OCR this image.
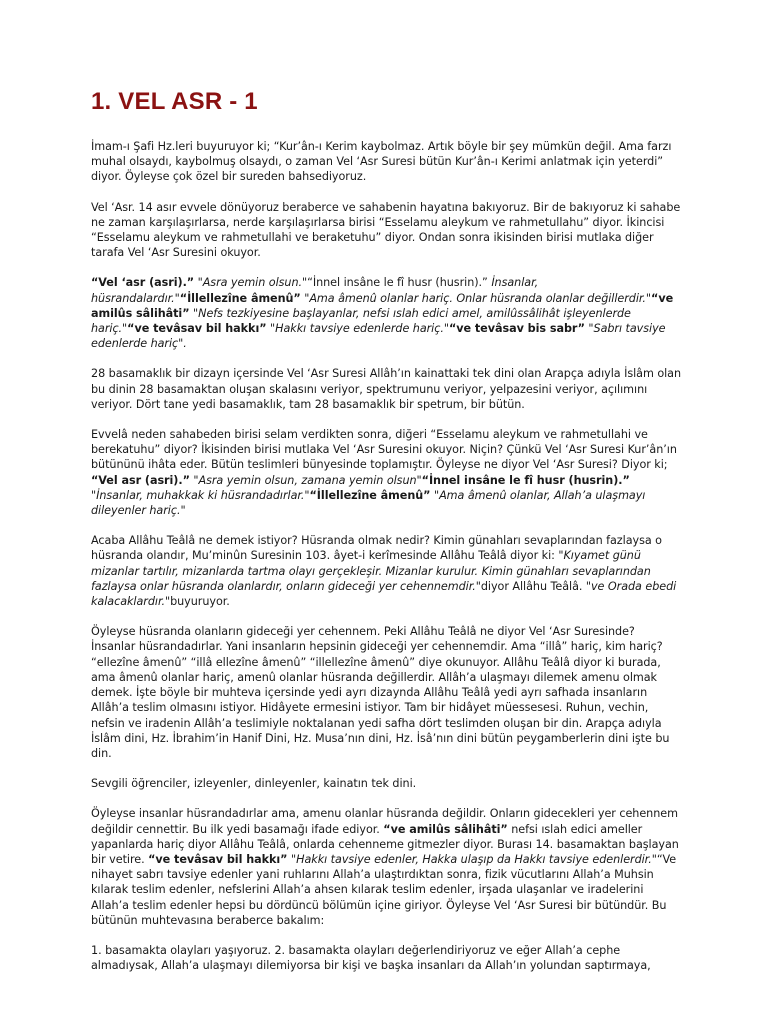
1. VEL ASR - 1

İmam-ı Şafi Hz.leri buyuruyor ki; “Kur’ân-ı Kerim kaybolmaz. Artık böyle bir şey mümkün değil. Ama farzı muhal olsaydı, kaybolmuş olsaydı, o zaman Vel ‘Asr Suresi bütün Kur’ân-ı Kerimi anlatmak için yeterdi” diyor. Öyleyse çok özel bir sureden bahsediyoruz.

Vel ‘Asr. 14 asır evvele dönüyoruz beraberce ve sahabenin hayatına bakıyoruz. Bir de bakıyoruz ki sahabe ne zaman karşılaşırlarsa, nerde karşılaşırlarsa birisi “Esselamu aleykum ve rahmetullahu” diyor. İkincisi “Esselamu aleykum ve rahmetullahi ve beraketuhu” diyor. Ondan sonra ikisinden birisi mutlaka diğer tarafa Vel ‘Asr Suresini okuyor.

“Vel ‘asr (asri).” "Asra yemin olsun."“İnnel insâne le fî husr (husrin).” İnsanlar, hüsrandalardır."“İllellezîne âmenû” "Ama âmenû olanlar hariç. Onlar hüsranda olanlar değillerdir."“ve amilûs sâlihâti” "Nefs tezkiyesine başlayanlar, nefsi ıslah edici amel, amilûssâlihât işleyenlerde hariç."“ve tevâsav bil hakkı” "Hakkı tavsiye edenlerde hariç."“ve tevâsav bis sabr” "Sabrı tavsiye edenlerde hariç".

28 basamaklık bir dizayn içersinde Vel ‘Asr Suresi Allâh’ın kainattaki tek dini olan Arapça adıyla İslâm olan bu dinin 28 basamaktan oluşan skalasını veriyor, spektrumunu veriyor, yelpazesini veriyor, açılımını veriyor. Dört tane yedi basamaklık, tam 28 basamaklık bir spetrum, bir bütün.

Evvelâ neden sahabeden birisi selam verdikten sonra, diğeri “Esselamu aleykum ve rahmetullahi ve berekatuhu” diyor? İkisinden birisi mutlaka Vel ‘Asr Suresini okuyor. Niçin? Çünkü Vel ‘Asr Suresi Kur’ân’ın bütününü ihâta eder. Bütün teslimleri bünyesinde toplamıştır. Öyleyse ne diyor Vel ‘Asr Suresi? Diyor ki; “Vel asr (asri).” "Asra yemin olsun, zamana yemin olsun"“İnnel insâne le fî husr (husrin).” "İnsanlar, muhakkak ki hüsrandadırlar."“İllellezîne âmenû” "Ama âmenû olanlar, Allah’a ulaşmayı dileyenler hariç."

Acaba Allâhu Teâlâ ne demek istiyor? Hüsranda olmak nedir? Kimin günahları sevaplarından fazlaysa o hüsranda olandır, Mu’minûn Suresinin 103. âyet-i kerîmesinde Allâhu Teâlâ diyor ki: "Kıyamet günü mizanlar tartılır, mizanlarda tartma olayı gerçekleşir. Mizanlar kurulur. Kimin günahları sevaplarından fazlaysa onlar hüsranda olanlardır, onların gideceği yer cehennemdir."diyor Allâhu Teâlâ. "ve Orada ebedi kalacaklardır."buyuruyor.

Öyleyse hüsranda olanların gideceği yer cehennem. Peki Allâhu Teâlâ ne diyor Vel ‘Asr Suresinde? İnsanlar hüsrandadırlar. Yani insanların hepsinin gideceği yer cehennemdir. Ama “illâ” hariç, kim hariç? “ellezîne âmenû” “illâ ellezîne âmenû” “illellezîne âmenû” diye okunuyor. Allâhu Teâlâ diyor ki burada, ama âmenû olanlar hariç, amenû olanlar hüsranda değillerdir. Allâh’a ulaşmayı dilemek amenu olmak demek. İşte böyle bir muhteva içersinde yedi ayrı dizaynda Allâhu Teâlâ yedi ayrı safhada insanların Allâh’a teslim olmasını istiyor. Hidâyete ermesini istiyor. Tam bir hidâyet müessesesi. Ruhun, vechin, nefsin ve iradenin Allâh’a teslimiyle noktalanan yedi safha dört teslimden oluşan bir din. Arapça adıyla İslâm dini, Hz. İbrahim’in Hanif Dini, Hz. Musa’nın dini, Hz. İsâ’nın dini bütün peygamberlerin dini işte bu din.

Sevgili öğrenciler, izleyenler, dinleyenler, kainatın tek dini.

Öyleyse insanlar hüsrandadırlar ama, amenu olanlar hüsranda değildir. Onların gidecekleri yer cehennem değildir cennettir. Bu ilk yedi basamağı ifade ediyor. “ve amilûs sâlihâti” nefsi ıslah edici ameller yapanlarda hariç diyor Allâhu Teâlâ, onlarda cehenneme gitmezler diyor. Burası 14. basamaktan başlayan bir vetire. “ve tevâsav bil hakkı” "Hakkı tavsiye edenler, Hakka ulaşıp da Hakkı tavsiye edenlerdir."“Ve nihayet sabrı tavsiye edenler yani ruhlarını Allah’a ulaştırdıktan sonra, fizik vücutlarını Allah’a Muhsin kılarak teslim edenler, nefslerini Allah’a ahsen kılarak teslim edenler, irşada ulaşanlar ve iradelerini Allah’a teslim edenler hepsi bu dördüncü bölümün içine giriyor. Öyleyse Vel ‘Asr Suresi bir bütündür. Bu bütünün muhtevasına beraberce bakalım:

1. basamakta olayları yaşıyoruz. 2. basamakta olayları değerlendiriyoruz ve eğer Allah’a cephe almadıysak, Allah’a ulaşmayı dilemiyorsa bir kişi ve başka insanları da Allah’ın yolundan saptırmaya,
